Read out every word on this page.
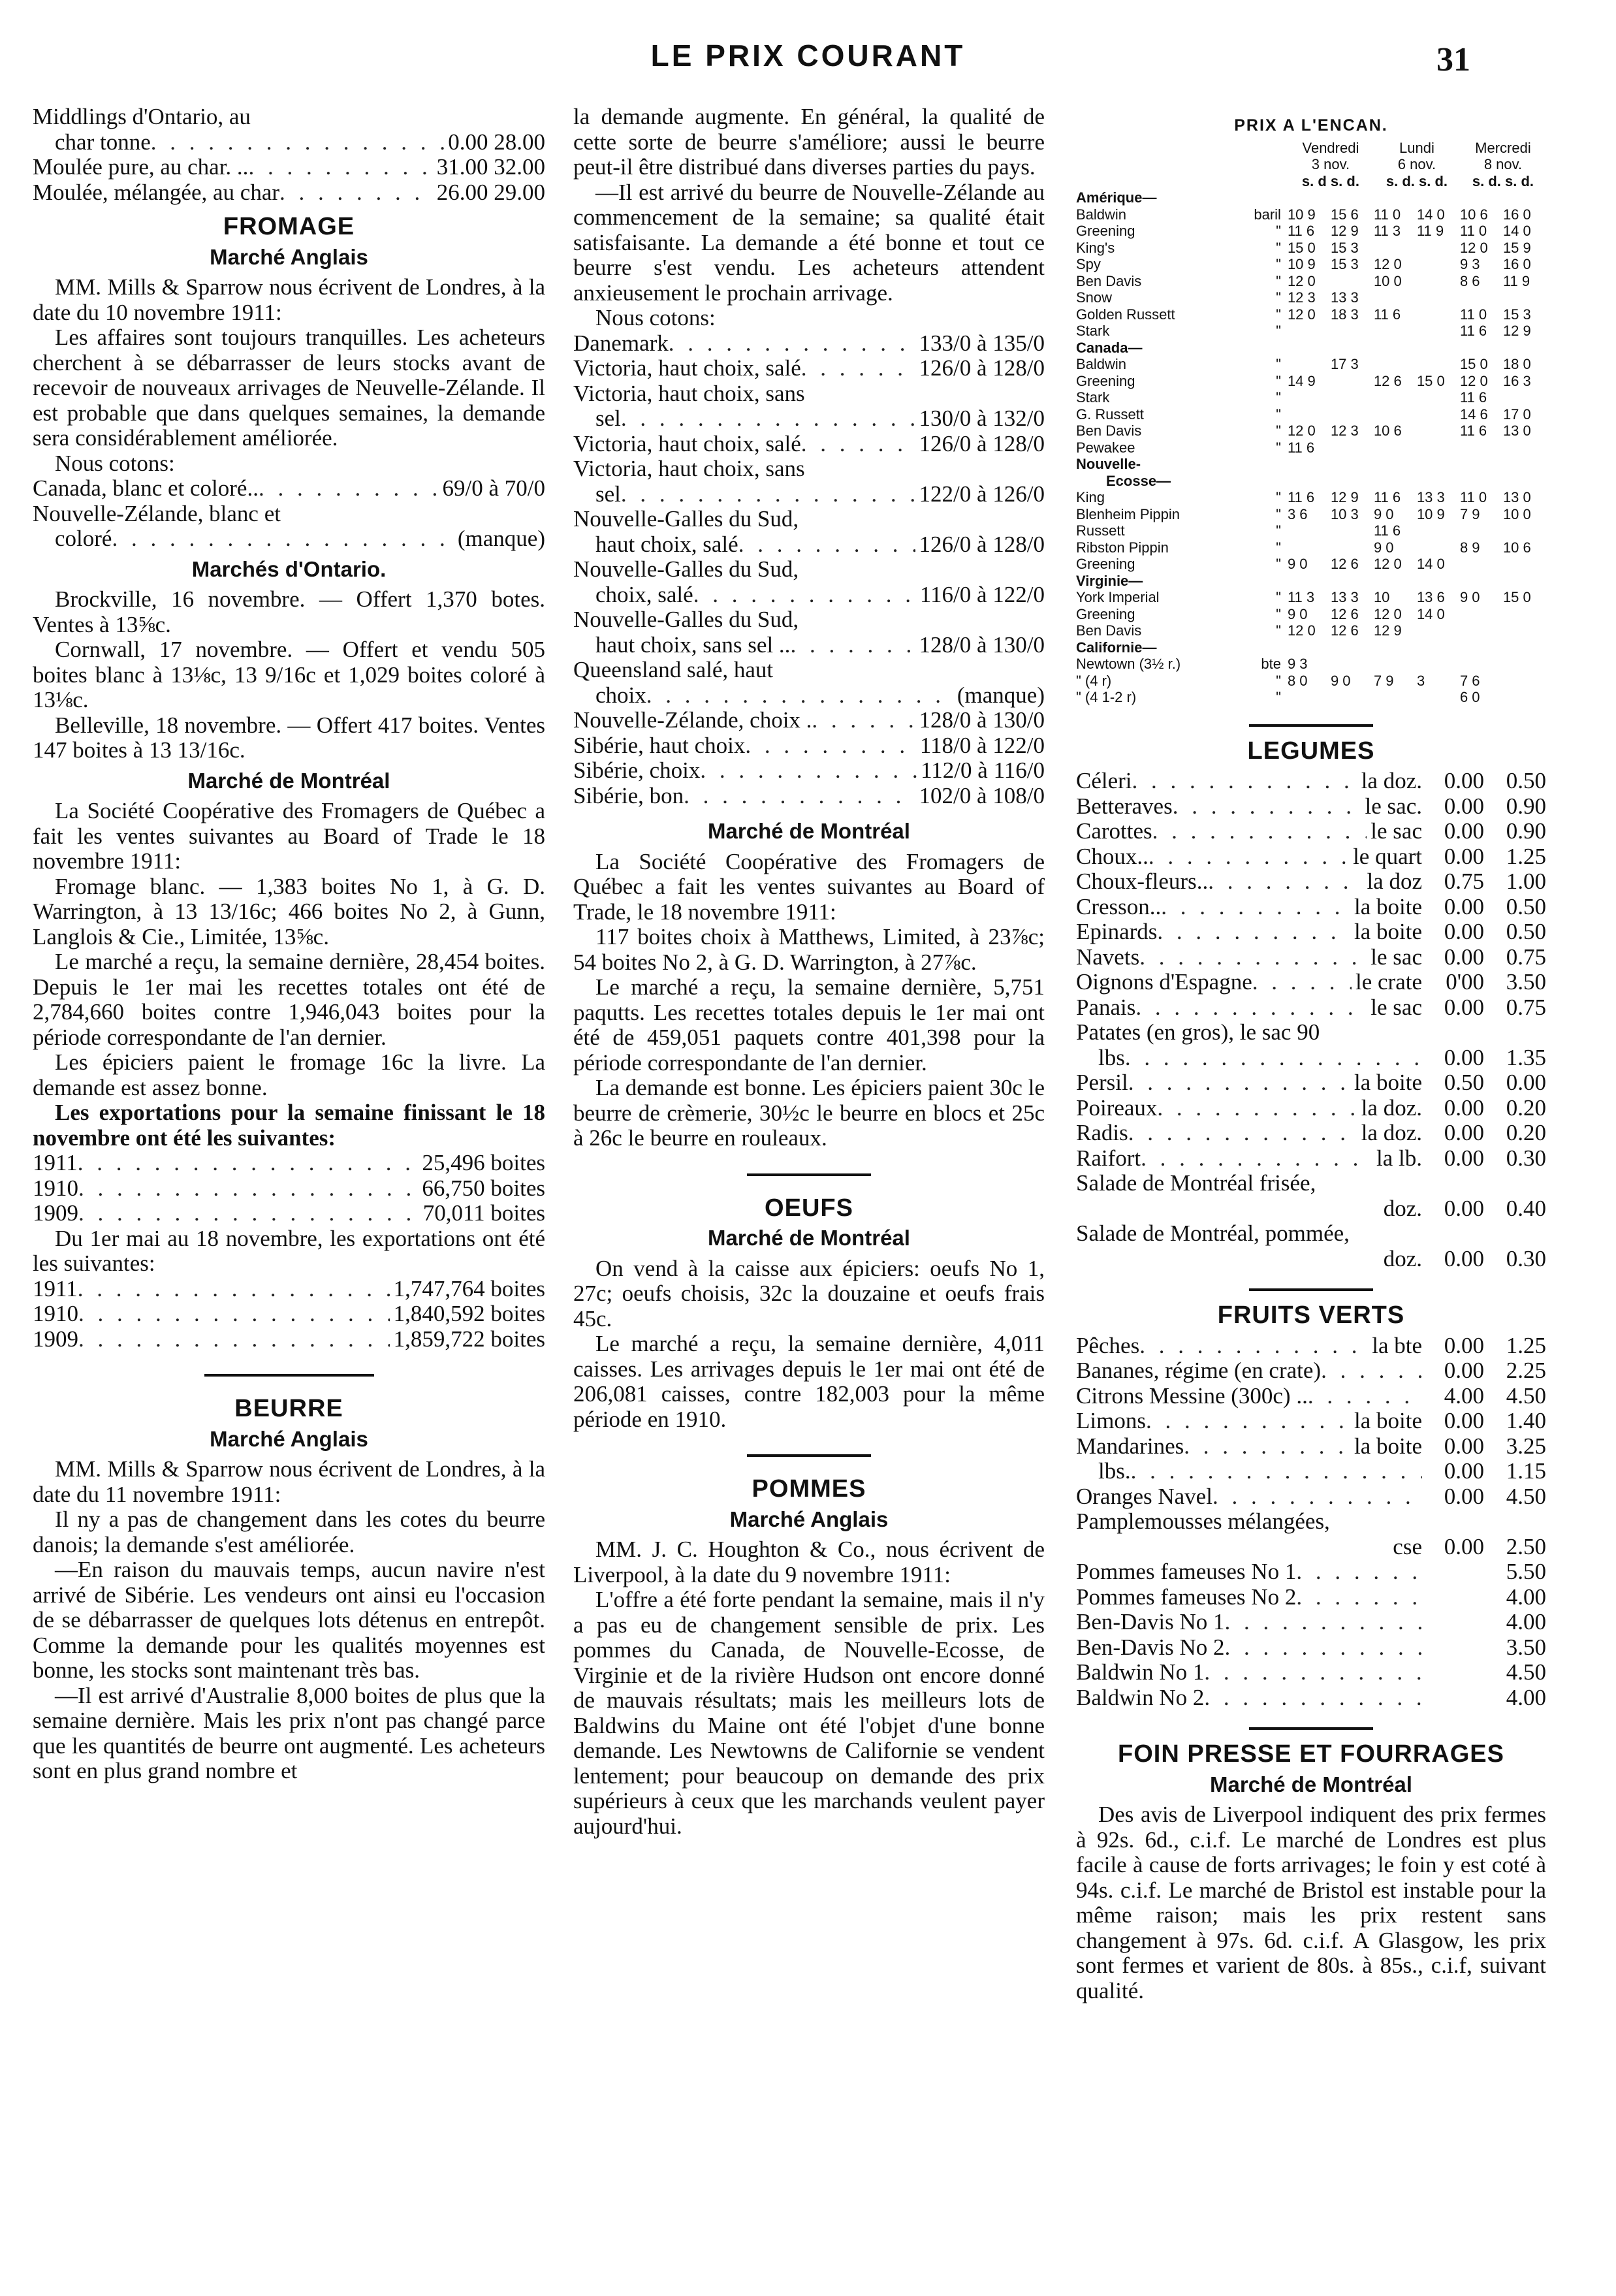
LE PRIX COURANT	31
Middlings d'Ontario, au
char tonne . . .	0.00 28.00
Moulée pure, au char. .. . . .	31.00 32.00
Moulée, mélangée, au char . . .	26.00 29.00
FROMAGE
Marché Anglais

MM. Mills & Sparrow nous écrivent de Londres, à la date du 10 novembre 1911:

Les affaires sont toujours tranquilles. Les acheteurs cherchent à se débarrasser de leurs stocks avant de recevoir de nouveaux arrivages de Neuvelle-Zélande. Il est probable que dans quelques semaines, la demande sera considérablement améliorée.

Nous cotons:

Canada, blanc et coloré.. . . .	69/0 à 70/0
Nouvelle-Zélande, blanc et
coloré . . .	(manque)
Marchés d'Ontario.

Brockville, 16 novembre. — Offert 1,370 botes. Ventes à 13⅝c.

Cornwall, 17 novembre. — Offert et vendu 505 boites blanc à 13⅛c, 13 9/16c et 1,029 boites coloré à 13⅛c.

Belleville, 18 novembre. — Offert 417 boites. Ventes 147 boites à 13 13/16c.

Marché de Montréal

La Société Coopérative des Fromagers de Québec a fait les ventes suivantes au Board of Trade le 18 novembre 1911:

Fromage blanc. — 1,383 boites No 1, à G. D. Warrington, à 13 13/16c; 466 boites No 2, à Gunn, Langlois & Cie., Limitée, 13⅝c.

Le marché a reçu, la semaine dernière, 28,454 boites. Depuis le 1er mai les recettes totales ont été de 2,784,660 boites contre 1,946,043 boites pour la période correspondante de l'an dernier.

Les épiciers paient le fromage 16c la livre. La demande est assez bonne.

Les exportations pour la semaine finissant le 18 novembre ont été les suivantes:

1911 . . .	25,496 boites
1910 . . .	66,750 boites
1909 . . .	70,011 boites

Du 1er mai au 18 novembre, les exportations ont été les suivantes:

1911 . . .	1,747,764 boites
1910 . . .	1,840,592 boites
1909 . . .	1,859,722 boites
BEURRE
Marché Anglais

MM. Mills & Sparrow nous écrivent de Londres, à la date du 11 novembre 1911:

Il ny a pas de changement dans les cotes du beurre danois; la demande s'est améliorée.

—En raison du mauvais temps, aucun navire n'est arrivé de Sibérie. Les vendeurs ont ainsi eu l'occasion de se débarrasser de quelques lots détenus en entrepôt. Comme la demande pour les qualités moyennes est bonne, les stocks sont maintenant très bas.

—Il est arrivé d'Australie 8,000 boites de plus que la semaine dernière. Mais les prix n'ont pas changé parce que les quantités de beurre ont augmenté. Les acheteurs sont en plus grand nombre et

la demande augmente. En général, la qualité de cette sorte de beurre s'améliore; aussi le beurre peut-il être distribué dans diverses parties du pays.

—Il est arrivé du beurre de Nouvelle-Zélande au commencement de la semaine; sa qualité était satisfaisante. La demande a été bonne et tout ce beurre s'est vendu. Les acheteurs attendent anxieusement le prochain arrivage.

Nous cotons:

Danemark . . .	133/0 à 135/0
Victoria, haut choix, salé . . .	126/0 à 128/0
Victoria, haut choix, sans
sel . . .	130/0 à 132/0
Victoria, haut choix, salé . . .	126/0 à 128/0
Victoria, haut choix, sans
sel . . .	122/0 à 126/0
Nouvelle-Galles du Sud,
haut choix, salé . . .	126/0 à 128/0
Nouvelle-Galles du Sud,
choix, salé . . .	116/0 à 122/0
Nouvelle-Galles du Sud,
haut choix, sans sel .. . . .	128/0 à 130/0
Queensland salé, haut
choix . . .	(manque)
Nouvelle-Zélande, choix . . . .	128/0 à 130/0
Sibérie, haut choix . . .	118/0 à 122/0
Sibérie, choix . . .	112/0 à 116/0
Sibérie, bon . . .	102/0 à 108/0
Marché de Montréal

La Société Coopérative des Fromagers de Québec a fait les ventes suivantes au Board of Trade, le 18 novembre 1911:

117 boites choix à Matthews, Limited, à 23⅞c; 54 boites No 2, à G. D. Warrington, à 27⅞c.

Le marché a reçu, la semaine dernière, 5,751 paqutts. Les recettes totales depuis le 1er mai ont été de 459,051 paquets contre 401,398 pour la période correspondante de l'an dernier.

La demande est bonne. Les épiciers paient 30c le beurre de crèmerie, 30½c le beurre en blocs et 25c à 26c le beurre en rouleaux.

OEUFS
Marché de Montréal

On vend à la caisse aux épiciers: oeufs No 1, 27c; oeufs choisis, 32c la douzaine et oeufs frais 45c.

Le marché a reçu, la semaine dernière, 4,011 caisses. Les arrivages depuis le 1er mai ont été de 206,081 caisses, contre 182,003 pour la même période en 1910.

POMMES
Marché Anglais

MM. J. C. Houghton & Co., nous écrivent de Liverpool, à la date du 9 novembre 1911:

L'offre a été forte pendant la semaine, mais il n'y a pas eu de changement sensible de prix. Les pommes du Canada, de Nouvelle-Ecosse, de Virginie et de la rivière Hudson ont encore donné de mauvais résultats; mais les meilleurs lots de Baldwins du Maine ont été l'objet d'une bonne demande. Les Newtowns de Californie se vendent lentement; pour beaucoup on demande des prix supérieurs à ceux que les marchands veulent payer aujourd'hui.

PRIX A L'ENCAN.
		Vendredi		Lundi		Mercredi	
		3 nov.		6 nov.		8 nov.	
		s. d s. d.		s. d. s. d.		s. d. s. d.	
Amérique—							
Baldwin	baril	10 9	15 6	11 0	14 0	10 6	16 0
Greening	"	11 6	12 9	11 3	11 9	11 0	14 0
King's	"	15 0	15 3			12 0	15 9
Spy	"	10 9	15 3	12 0		9 3	16 0
Ben Davis	"	12 0		10 0		8 6	11 9
Snow	"	12 3	13 3				
Golden Russett	"	12 0	18 3	11 6		11 0	15 3
Stark	"					11 6	12 9
Canada—							
Baldwin	"		17 3			15 0	18 0
Greening	"	14 9		12 6	15 0	12 0	16 3
Stark	"					11 6	
G. Russett	"					14 6	17 0
Ben Davis	"	12 0	12 3	10 6		11 6	13 0
Pewakee	"	11 6					
Nouvelle-							
Ecosse—							
King	"	11 6	12 9	11 6	13 3	11 0	13 0
Blenheim Pippin	"	3 6	10 3	9 0	10 9	7 9	10 0
Russett	"			11 6			
Ribston Pippin	"			9 0		8 9	10 6
Greening	"	9 0	12 6	12 0	14 0		
Virginie—							
York Imperial	"	11 3	13 3	10	13 6	9 0	15 0
Greening	"	9 0	12 6	12 0	14 0		
Ben Davis	"	12 0	12 6	12 9			
Californie—							
Newtown (3½ r.)	bte	9 3					
" (4 r)	"	8 0	9 0	7 9	3	7 6	
" (4 1-2 r)	"					6 0	
LEGUMES
Céleri . . .	la doz. 0.00 0.50
Betteraves . . .	le sac. 0.00 0.90
Carottes . . .	le sac 0.00 0.90
Choux.. . . .	le quart 0.00 1.25
Choux-fleurs.. . . .	la doz 0.75 1.00
Cresson.. . . .	la boite 0.00 0.50
Epinards . . .	la boite 0.00 0.50
Navets . . .	le sac 0.00 0.75
Oignons d'Espagne . . .	le crate	0'00 3.50
Panais . . .	le sac 0.00 0.75
Patates (en gros), le sac 90
lbs . . .	0.00 1.35
Persil . . .	la boite 0.50 0.00
Poireaux . . .	la doz. 0.00 0.20
Radis . . .	la doz. 0.00 0.20
Raifort . . .	la lb. 0.00 0.30
Salade de Montréal frisée,
doz. 0.00 0.40
Salade de Montréal, pommée,
doz. 0.00 0.30
FRUITS VERTS
Pêches . . .	la bte 0.00 1.25
Bananes, régime (en crate) . . .	0.00 2.25
Citrons Messine (300c) .. . . .	4.00 4.50
Limons . . .	la boite 0.00 1.40
Mandarines . . .	la boite 0.00 3.25
lbs. . . .	0.00 1.15
Oranges Navel . . .	0.00 4.50
Pamplemousses mélangées,
cse 0.00 2.50
Pommes fameuses No 1 . . .	5.50
Pommes fameuses No 2 . . .	4.00
Ben-Davis No 1 . . .	4.00
Ben-Davis No 2 . . .	3.50
Baldwin No 1 . . .	4.50
Baldwin No 2 . . .	4.00
FOIN PRESSE ET FOURRAGES
Marché de Montréal

Des avis de Liverpool indiquent des prix fermes à 92s. 6d., c.i.f. Le marché de Londres est plus facile à cause de forts arrivages; le foin y est coté à 94s. c.i.f. Le marché de Bristol est instable pour la même raison; mais les prix restent sans changement à 97s. 6d. c.i.f. A Glasgow, les prix sont fermes et varient de 80s. à 85s., c.i.f, suivant qualité.
